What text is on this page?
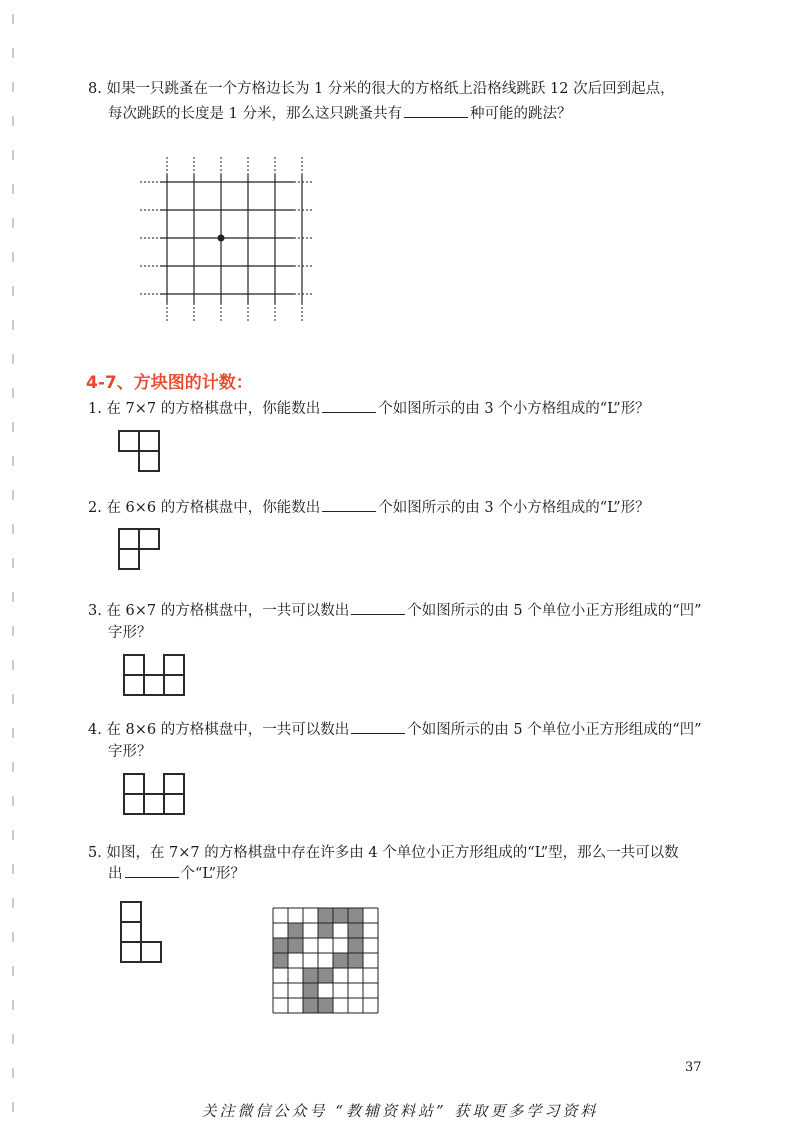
8. 如果一只跳蚤在一个方格边长为 1 分米的很大的方格纸上沿格线跳跃 12 次后回到起点，
每次跳跃的长度是 1 分米，那么这只跳蚤共有	种可能的跳法？
4-7、方块图的计数：
1. 在 7×7 的方格棋盘中，你能数出	个如图所示的由 3 个小方格组成的“L”形？
2. 在 6×6 的方格棋盘中，你能数出	个如图所示的由 3 个小方格组成的“L”形？
3. 在 6×7 的方格棋盘中，一共可以数出	个如图所示的由 5 个单位小正方形组成的“凹”
字形？
4. 在 8×6 的方格棋盘中，一共可以数出	个如图所示的由 5 个单位小正方形组成的“凹”
字形？
5. 如图，在 7×7 的方格棋盘中存在许多由 4 个单位小正方形组成的“L”型，那么一共可以数
出	个“L”形？
37
关注微信公众号 “教辅资料站” 获取更多学习资料
